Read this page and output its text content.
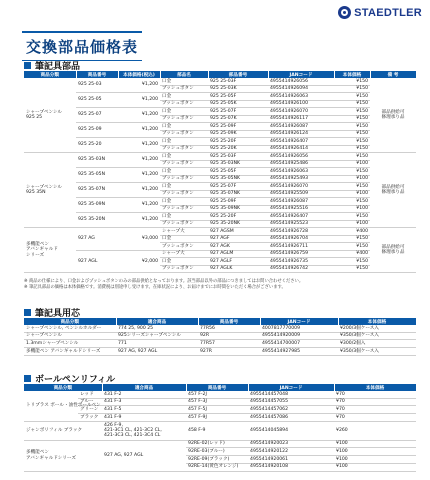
STAEDTLER
交換部品価格表
筆記具部品
商品分類	商品番号	本体価格(税込)	部品名	部品番号	JANコード	本体価格	備 考
シャープペンシル
925 25	925 25-03	¥1,200	口金	925 25-03F	4955414926056	¥150	部品供給可
修理承り品
			プッシュボタン	925 25-03K	4955414926094	¥150	
	925 25-05	¥1,200	口金	925 25-05F	4955414926063	¥150	
			プッシュボタン	925 25-05K	4955414926100	¥150	
	925 25-07	¥1,200	口金	925 25-07F	4955414926070	¥150	
			プッシュボタン	925 25-07K	4955414926117	¥150	
	925 25-09	¥1,200	口金	925 25-09F	4955414926087	¥150	
			プッシュボタン	925 25-09K	4955414926124	¥150	
	925 25-20	¥1,200	口金	925 25-20F	4955414926407	¥150	
			プッシュボタン	925 25-20K	4955414926414	¥150	
シャープペンシル
925 35N	925 35-03N	¥1,200	口金	925 25-03F	4955414926056	¥150	部品供給可
修理承り品
			プッシュボタン	925 35-03NK	4955414925486	¥100	
	925 35-05N	¥1,200	口金	925 25-05F	4955414926063	¥150	
			プッシュボタン	925 35-05NK	4955414925493	¥100	
	925 35-07N	¥1,200	口金	925 25-07F	4955414926070	¥150	
			プッシュボタン	925 35-07NK	4955414925509	¥100	
	925 35-09N	¥1,200	口金	925 25-09F	4955414926087	¥150	
			プッシュボタン	925 35-09NK	4955414925516	¥100	
	925 35-20N	¥1,200	口金	925 25-20F	4955414926407	¥150	
			プッシュボタン	925 35-20NK	4955414925523	¥100	
多機能ペン
アバンギャルド
シリーズ	927 AG	¥3,000	シャープ大	927 AGSM	4955414926728	¥400	部品供給可
修理承り品
			口金	927 AGF	4955414926704	¥150	
			プッシュボタン	927 AGK	4955414926711	¥150	
	927 AGL	¥2,000	シャープ大	927 AGLM	4955414926759	¥400	
			口金	927 AGLF	4955414926735	¥150	
			プッシュボタン	927 AGLK	4955414926742	¥150	
※ 商品の仕様により、口金およびプッシュボタンのみの部品供給となっております。該当部品以外の部品につきましてはお問い合わせください。
※ 筆記具部品の価格は本体価格です。消費税は別途申し受けます。在庫状況により、お届けまでにお時間をいただく場合がございます。
筆記具用芯
商品分類	適合商品	商品番号	JANコード	本体価格
シャープペンシル, ペンシルホルダー	774 25, 900 25	77R56	4007817770009	¥200/3個ケース入
シャープペンシル	925シリーズシャープペンシル	92R	4955414920009	¥350/3個ケース入
1.3mmシャープペンシル	771	77R57	4955414700007	¥300/2個入
多機能ペン アバンギャルドシリーズ	927 AG, 927 AGL	927R	4955414927985	¥350/3個ケース入
ボールペンリフィル
商品分類		適合商品	商品番号	JANコード	本体価格
トリプラス ボール・油性ボールペン	レッド	431 F-2	457 F-2J	4955414457048	¥70
	ブルー	431 F-3	457 F-3J	4955414457055	¥70
	グリーン	431 F-5	457 F-5J	4955414457062	¥70
	ブラック	431 F-9	457 F-9J	4955414457086	¥70
ジャンボリフィル ブラック		426 F-9,
421-3C1 CL, 421-3C2 CL,
421-3C3 CL, 421-3C4 CL	458 F-9	4955414045894	¥260
多機能ペン
アバンギャルドシリーズ		927 AG, 927 AGL	92RE-02(レッド)	4955414920023	¥100
			92RE-03(ブルー)	4955414920122	¥100
			92RE-09(ブラック)	4955414920061	¥100
			92RE-14(黄色オレンジ)	4955414920108	¥100
